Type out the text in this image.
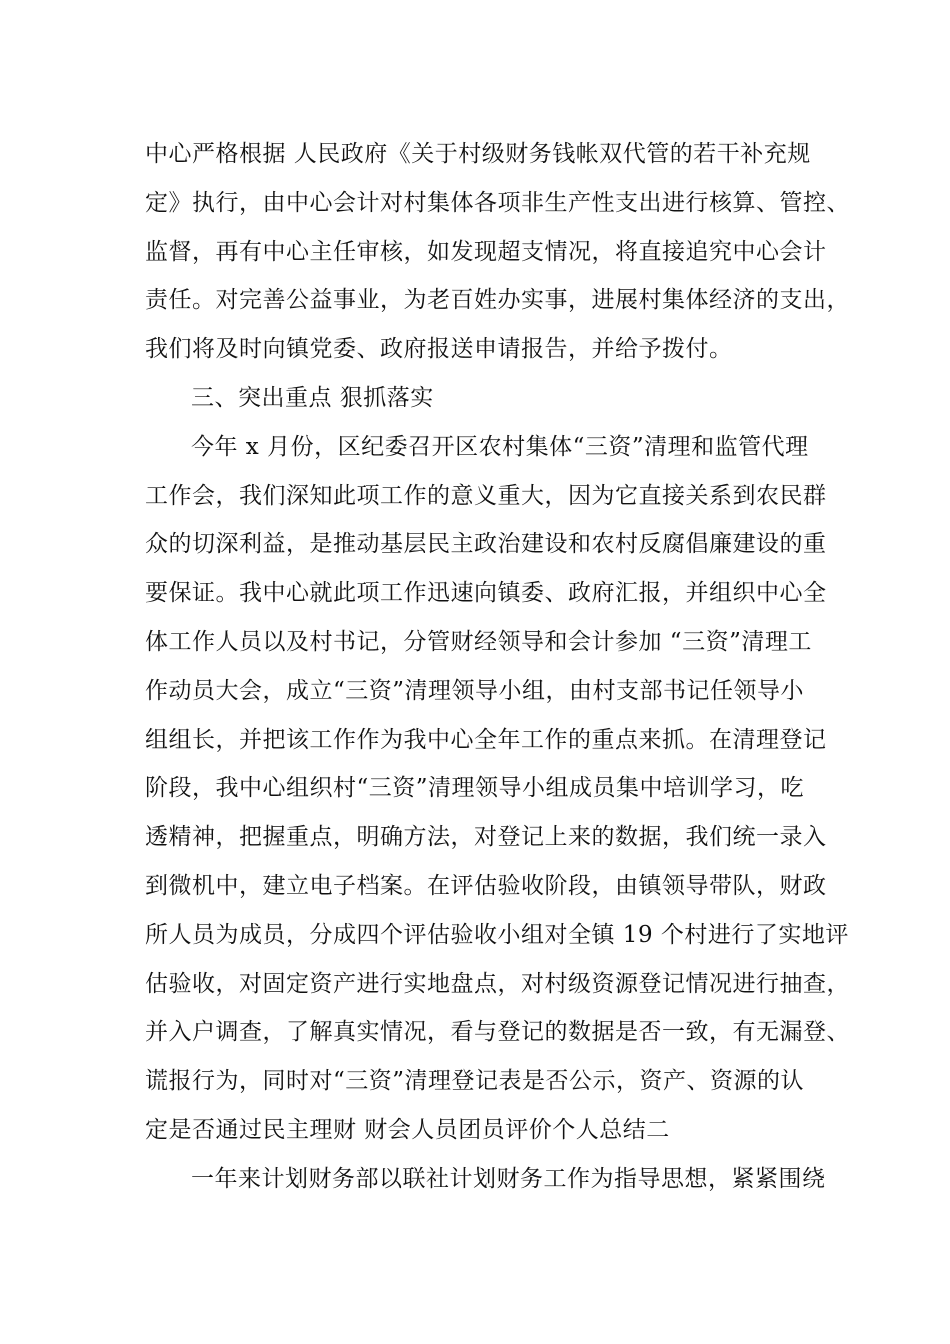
中心严格根据 人民政府《关于村级财务钱帐双代管的若干补充规
定》执行，由中心会计对村集体各项非生产性支出进行核算、管控、
监督，再有中心主任审核，如发现超支情况，将直接追究中心会计
责任。对完善公益事业，为老百姓办实事，进展村集体经济的支出，
我们将及时向镇党委、政府报送申请报告，并给予拨付。
三、突出重点 狠抓落实
今年 x 月份，区纪委召开区农村集体“三资”清理和监管代理
工作会，我们深知此项工作的意义重大，因为它直接关系到农民群
众的切深利益，是推动基层民主政治建设和农村反腐倡廉建设的重
要保证。我中心就此项工作迅速向镇委、政府汇报，并组织中心全
体工作人员以及村书记，分管财经领导和会计参加 “三资”清理工
作动员大会，成立“三资”清理领导小组，由村支部书记任领导小
组组长，并把该工作作为我中心全年工作的重点来抓。在清理登记
阶段，我中心组织村“三资”清理领导小组成员集中培训学习，吃
透精神，把握重点，明确方法，对登记上来的数据，我们统一录入
到微机中，建立电子档案。在评估验收阶段，由镇领导带队，财政
所人员为成员，分成四个评估验收小组对全镇 19 个村进行了实地评
估验收，对固定资产进行实地盘点，对村级资源登记情况进行抽查，
并入户调查，了解真实情况，看与登记的数据是否一致，有无漏登、
谎报行为，同时对“三资”清理登记表是否公示，资产、资源的认
定是否通过民主理财 财会人员团员评价个人总结二
一年来计划财务部以联社计划财务工作为指导思想，紧紧围绕
